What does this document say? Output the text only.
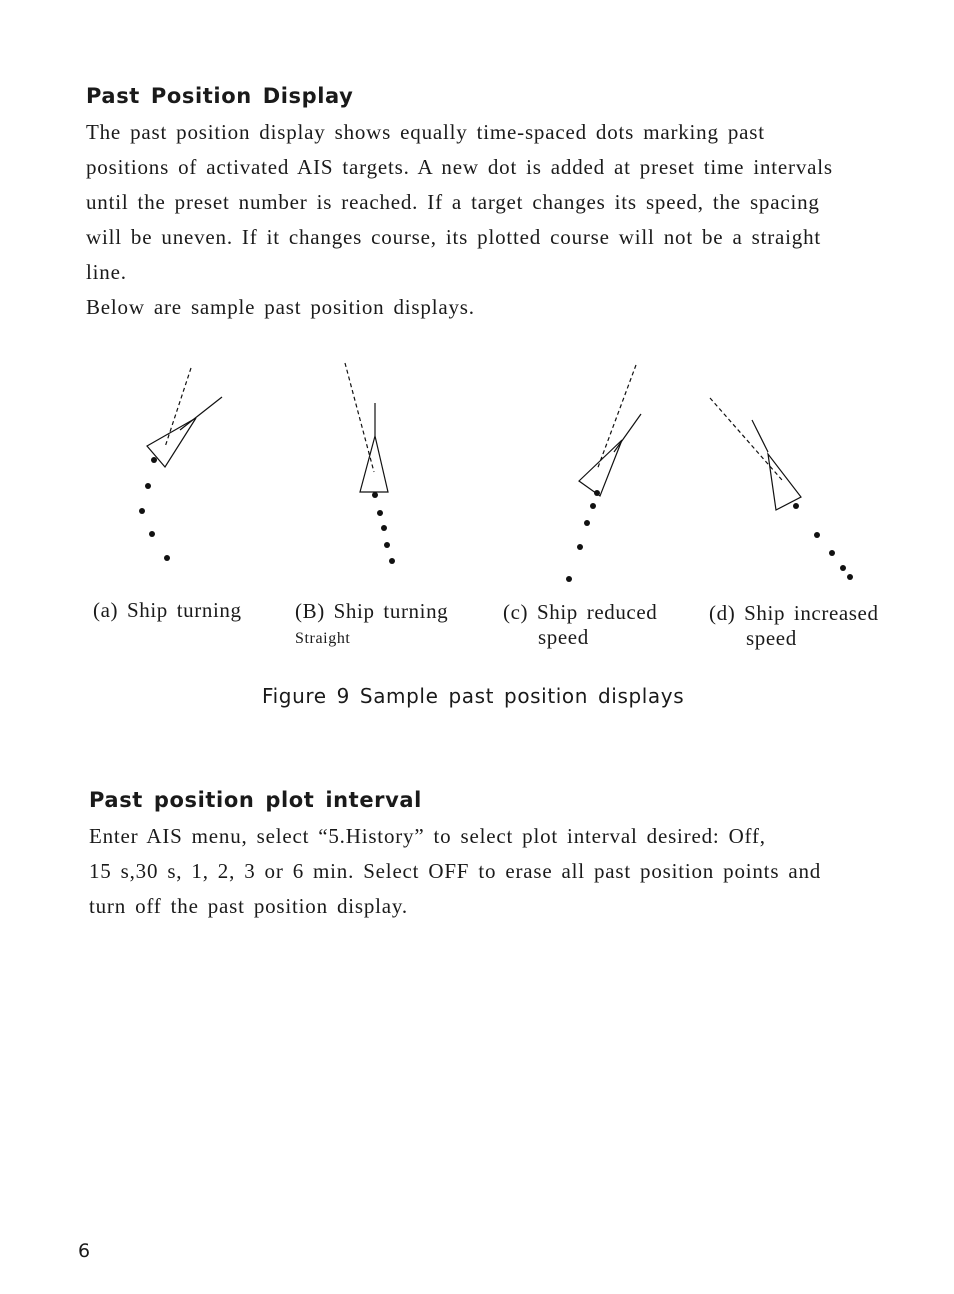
Past Position Display
The past position display shows equally time-spaced dots marking past
positions of activated AIS targets. A new dot is added at preset time intervals
until the preset number is reached. If a target changes its speed, the spacing
will be uneven. If it changes course, its plotted course will not be a straight
line.
Below are sample past position displays.
(a) Ship turning	(B) Ship turning
Straight
(c) Ship reduced
speed
(d) Ship increased
speed
Figure 9 Sample past position displays
Past position plot interval
Enter AIS menu, select “5.History” to select plot interval desired: Off,
15 s,30 s, 1, 2, 3 or 6 min. Select OFF to erase all past position points and
turn off the past position display.
6
